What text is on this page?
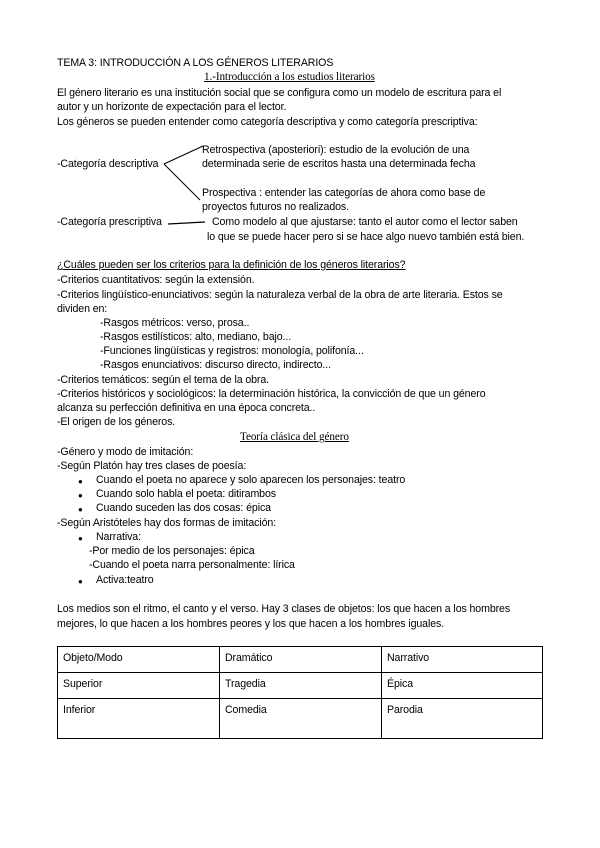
TEMA 3: INTRODUCCIÓN A LOS GÉNEROS LITERARIOS
1.-Introducción a los estudios literarios
El género literario es una institución social que se configura como un modelo de escritura para el
autor y un horizonte de expectación para el lector.
Los géneros se pueden entender como categoría descriptiva y como categoría prescriptiva:
-Categoría descriptiva
Retrospectiva (aposteriori): estudio de la evolución de una
determinada serie de escritos hasta una determinada fecha
Prospectiva : entender las categorías de ahora como base de
proyectos futuros no realizados.
-Categoría prescriptiva	Como modelo al que ajustarse: tanto el autor como el lector saben
lo que se puede hacer pero si se hace algo nuevo también está bien.
¿Cuáles pueden ser los criterios para la definición de los géneros literarios?
-Criterios cuantitativos: según la extensión.
-Criterios lingüístico-enunciativos: según la naturaleza verbal de la obra de arte literaria. Estos se
dividen en:
-Rasgos métricos: verso, prosa..
-Rasgos estilísticos: alto, mediano, bajo...
-Funciones lingüísticas y registros: monología, polifonía...
-Rasgos enunciativos: discurso directo, indirecto...
-Criterios temáticos: según el tema de la obra.
-Criterios históricos y sociológicos: la determinación histórica, la convicción de que un género
alcanza su perfección definitiva en una época concreta..
-El origen de los géneros.
Teoría clásica del género
-Género y modo de imitación:
-Según Platón hay tres clases de poesía:
● Cuando el poeta no aparece y solo aparecen los personajes: teatro
● Cuando solo habla el poeta: ditirambos
● Cuando suceden las dos cosas: épica
-Según Aristóteles hay dos formas de imitación:
● Narrativa:
-Por medio de los personajes: épica
-Cuando el poeta narra personalmente: lírica
● Activa:teatro
Los medios son el ritmo, el canto y el verso. Hay 3 clases de objetos: los que hacen a los hombres
mejores, lo que hacen a los hombres peores y los que hacen a los hombres iguales.
Objeto/Modo	Dramático	Narrativo
Superior	Tragedia	Épica
Inferior	Comedia	Parodia
